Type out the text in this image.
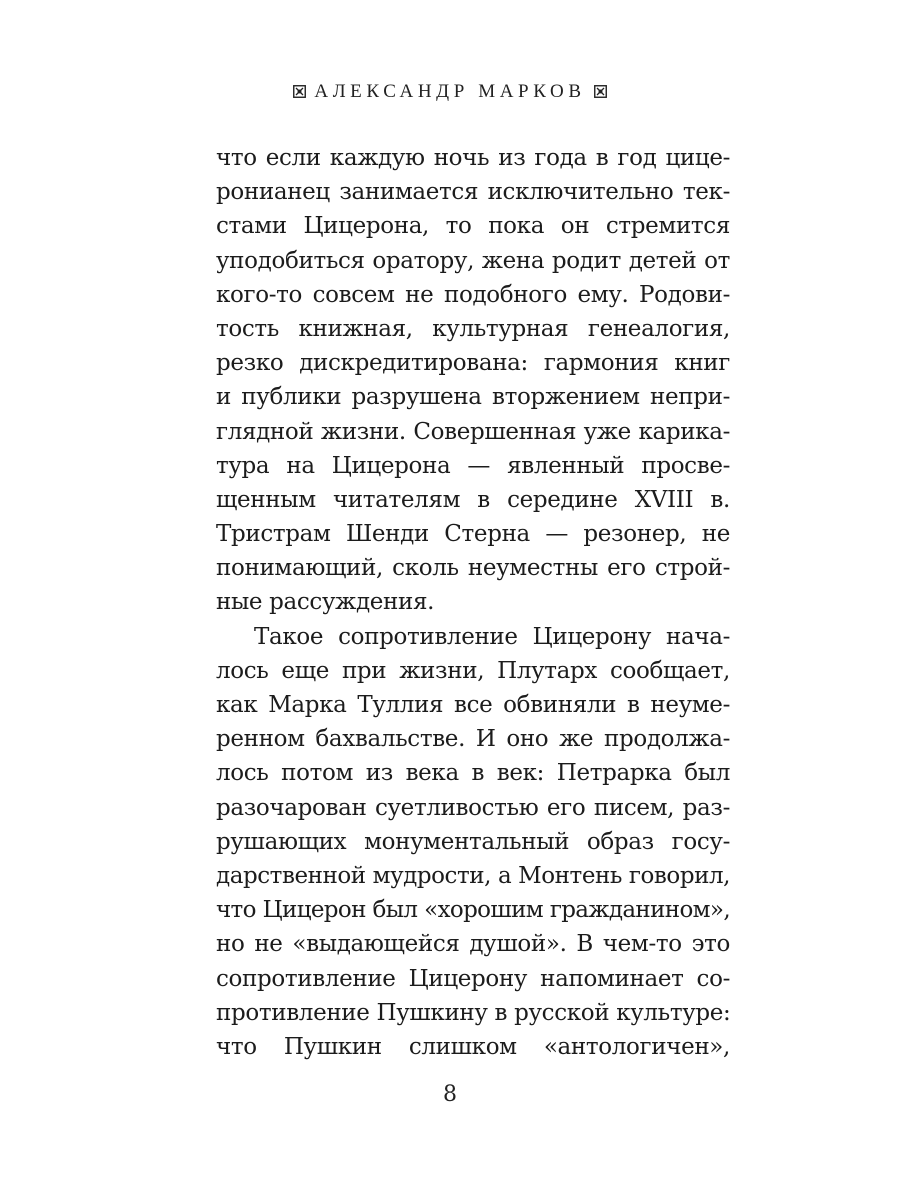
АЛЕКСАНДР МАРКОВ
что если каждую ночь из года в год цице-
ронианец занимается исключительно тек-
стами Цицерона, то пока он стремится
уподобиться оратору, жена родит детей от
кого-то совсем не подобного ему. Родови-
тость книжная, культурная генеалогия,
резко дискредитирована: гармония книг
и публики разрушена вторжением непри-
глядной жизни. Совершенная уже карика-
тура на Цицерона — явленный просве-
щенным читателям в середине XVIII в.
Тристрам Шенди Стерна — резонер, не
понимающий, сколь неуместны его строй-
ные рассуждения.
Такое сопротивление Цицерону нача-
лось еще при жизни, Плутарх сообщает,
как Марка Туллия все обвиняли в неуме-
ренном бахвальстве. И оно же продолжа-
лось потом из века в век: Петрарка был
разочарован суетливостью его писем, раз-
рушающих монументальный образ госу-
дарственной мудрости, а Монтень говорил,
что Цицерон был «хорошим гражданином»,
но не «выдающейся душой». В чем-то это
сопротивление Цицерону напоминает со-
противление Пушкину в русской культуре:
что Пушкин слишком «антологичен»,
8
